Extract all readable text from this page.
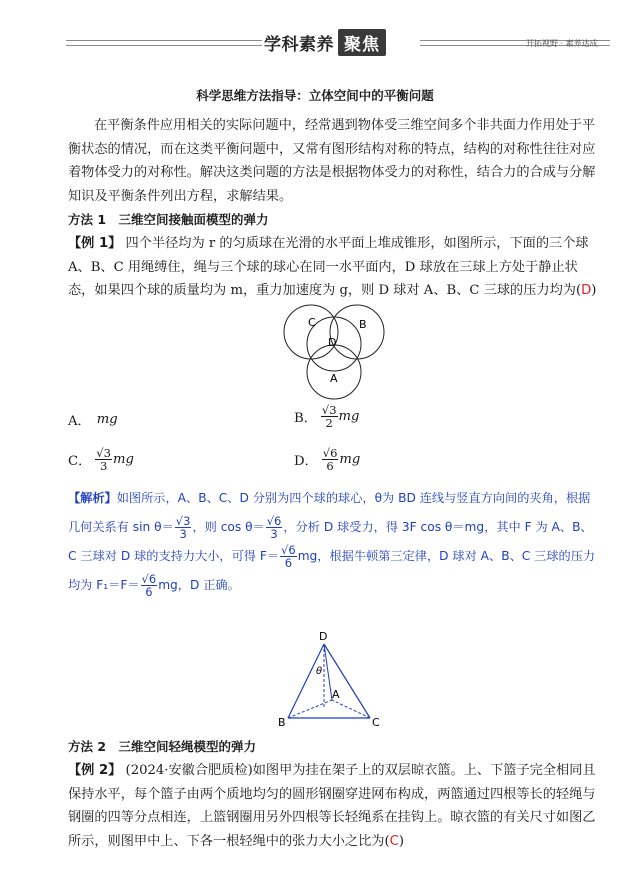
学科素养 聚焦	开拓视野 · 素养达成
科学思维方法指导：立体空间中的平衡问题
在平衡条件应用相关的实际问题中，经常遇到物体受三维空间多个非共面力作用处于平衡状态的情况，而在这类平衡问题中，又常有图形结构对称的特点，结构的对称性往往对应着物体受力的对称性。解决这类问题的方法是根据物体受力的对称性，结合力的合成与分解知识及平衡条件列出方程，求解结果。
方法 1　三维空间接触面模型的弹力
【例 1】 四个半径均为 r 的匀质球在光滑的水平面上堆成锥形，如图所示，下面的三个球 A、B、C 用绳缚住，绳与三个球的球心在同一水平面内，D 球放在三球上方处于静止状态，如果四个球的质量均为 m，重力加速度为 g，则 D 球对 A、B、C 三球的压力均为(D)
C	B
D
A
A． mg	B． $\frac{√3}{2}$ mg
C． $\frac{√3}{3}$ mg	D． $\frac{√6}{6}$ mg
【解析】如图所示，A、B、C、D 分别为四个球的球心，θ为 BD 连线与竖直方向间的夹角，根据几何关系有 $\sin \theta= \frac{√3}{3}$ ，则 $\cos \theta= \frac{√6}{3}$ ，分析 D 球受力，得 3F cos θ＝mg，其中 F 为 A、B、C 三球对 D 球的支持力大小，可得 $F= \frac{√6}{6}$ mg，根据牛顿第三定律，D 球对 A、B、C 三球的压力均为 $F_1=F= \frac{√6}{6}$ mg，D 正确。
D
θ
A
B	C
方法 2　三维空间轻绳模型的弹力
【例 2】 (2024·安徽合肥质检)如图甲为挂在架子上的双层晾衣篮。上、下篮子完全相同且保持水平，每个篮子由两个质地均匀的圆形钢圈穿进网布构成，两篮通过四根等长的轻绳与钢圈的四等分点相连，上篮钢圈用另外四根等长轻绳系在挂钩上。晾衣篮的有关尺寸如图乙所示，则图甲中上、下各一根轻绳中的张力大小之比为(C)
